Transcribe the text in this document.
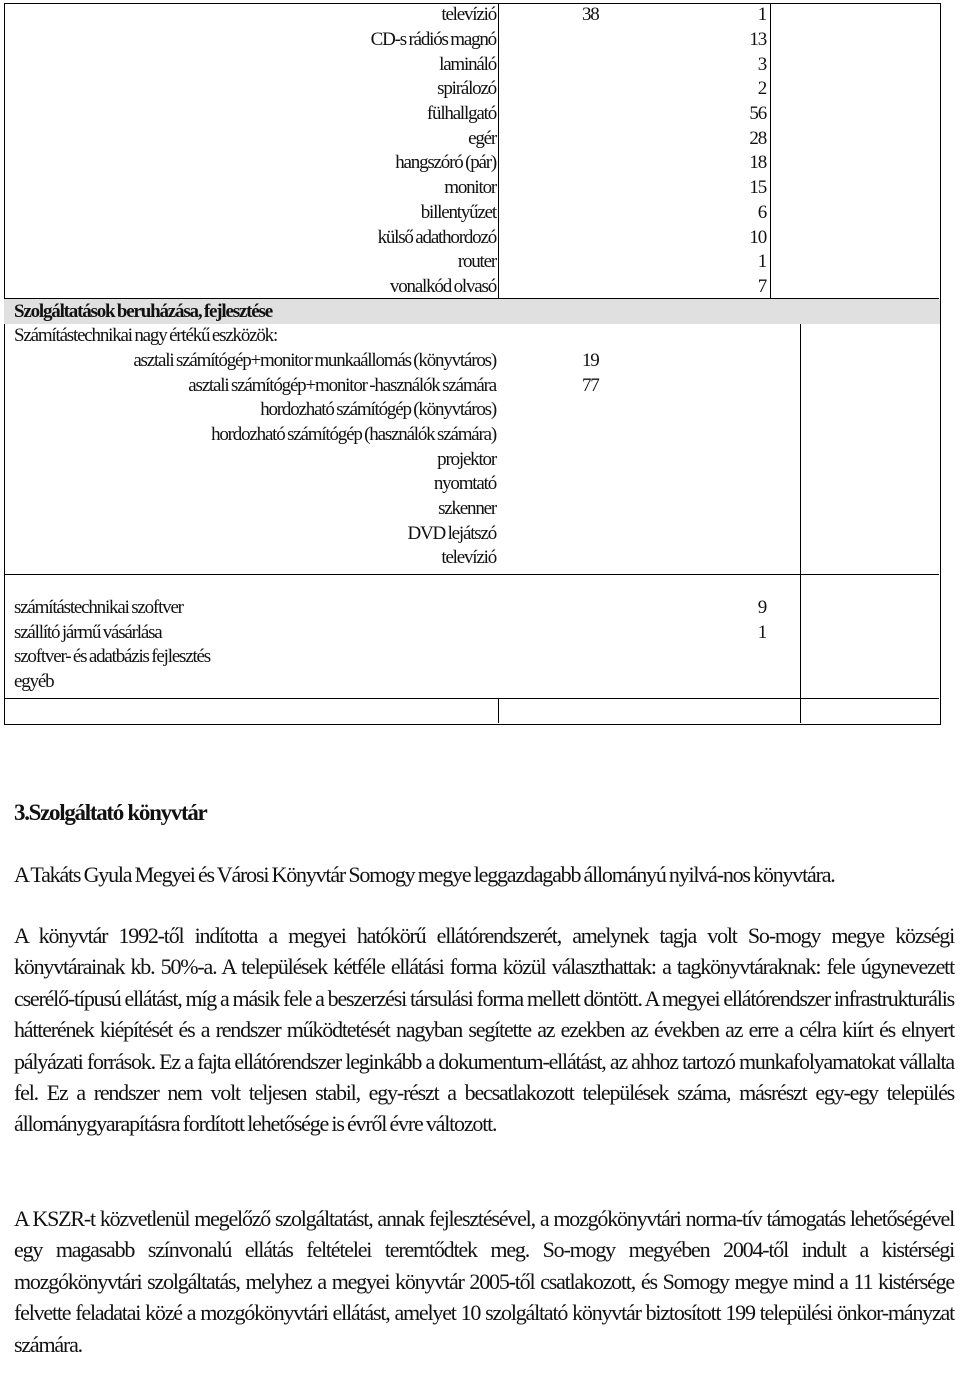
televízió	38	1	
CD-s rádiós magnó		13	
lamináló		3	
spirálozó		2	
fülhallgató		56	
egér		28	
hangszóró (pár)		18	
monitor		15	
billentyűzet		6	
külső adathordozó		10	
router		1	
vonalkód olvasó		7	
Szolgáltatások beruházása, fejlesztése			
Számítástechnikai nagy értékű eszközök:			
asztali számítógép+monitor munkaállomás (könyvtáros)	19		
asztali számítógép+monitor -használók számára	77		
hordozható számítógép (könyvtáros)			
hordozható számítógép (használók számára)			
projektor			
nyomtató			
szkenner			
DVD lejátszó			
televízió			

számítástechnikai szoftver		9	
szállító jármű vásárlása		1	
szoftver- és adatbázis fejlesztés			
egyéb			

3.Szolgáltató könyvtár

A Takáts Gyula Megyei és Városi Könyvtár Somogy megye leggazdagabb állományú nyilvá-nos könyvtára.

A könyvtár 1992-től indította a megyei hatókörű ellátórendszerét, amelynek tagja volt So-mogy megye községi könyvtárainak kb. 50%-a. A települések kétféle ellátási forma közül választhattak: a tagkönyvtáraknak: fele úgynevezett cserélő-típusú ellátást, míg a másik fele a beszerzési társulási forma mellett döntött. A megyei ellátórendszer infrastrukturális hátterének kiépítését és a rendszer működtetését nagyban segítette az ezekben az években az erre a célra kiírt és elnyert pályázati források. Ez a fajta ellátórendszer leginkább a dokumentum-ellátást, az ahhoz tartozó munkafolyamatokat vállalta fel. Ez a rendszer nem volt teljesen stabil, egy-részt a becsatlakozott települések száma, másrészt egy-egy település állománygyarapításra fordított lehetősége is évről évre változott.

A KSZR-t közvetlenül megelőző szolgáltatást, annak fejlesztésével, a mozgókönyvtári norma-tív támogatás lehetőségével egy magasabb színvonalú ellátás feltételei teremtődtek meg. So-mogy megyében 2004-től indult a kistérségi mozgókönyvtári szolgáltatás, melyhez a megyei könyvtár 2005-től csatlakozott, és Somogy megye mind a 11 kistérsége felvette feladatai közé a mozgókönyvtári ellátást, amelyet 10 szolgáltató könyvtár biztosított 199 települési önkor-mányzat számára.
